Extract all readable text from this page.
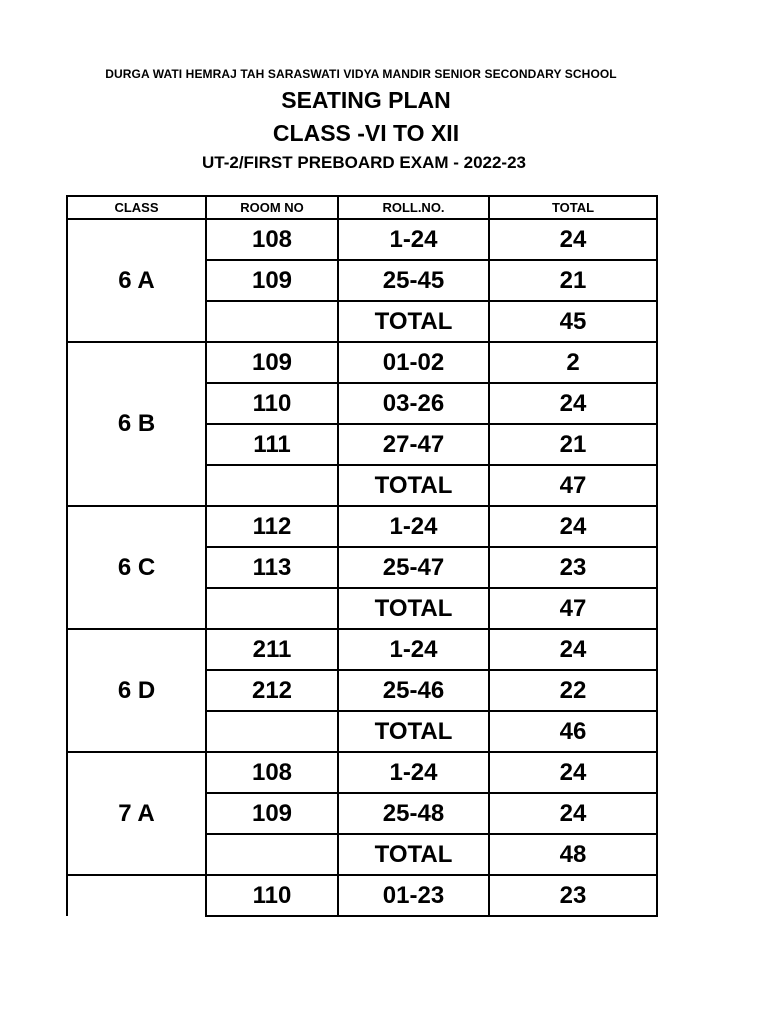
DURGA WATI HEMRAJ TAH SARASWATI VIDYA MANDIR SENIOR SECONDARY SCHOOL
SEATING PLAN
CLASS -VI TO XII
UT-2/FIRST PREBOARD EXAM - 2022-23
CLASS	ROOM NO	ROLL.NO.	TOTAL
6 A	108	1-24	24
	109	25-45	21
		TOTAL	45
6 B	109	01-02	2
	110	03-26	24
	111	27-47	21
		TOTAL	47
6 C	112	1-24	24
	113	25-47	23
		TOTAL	47
6 D	211	1-24	24
	212	25-46	22
		TOTAL	46
7 A	108	1-24	24
	109	25-48	24
		TOTAL	48
	110	01-23	23
